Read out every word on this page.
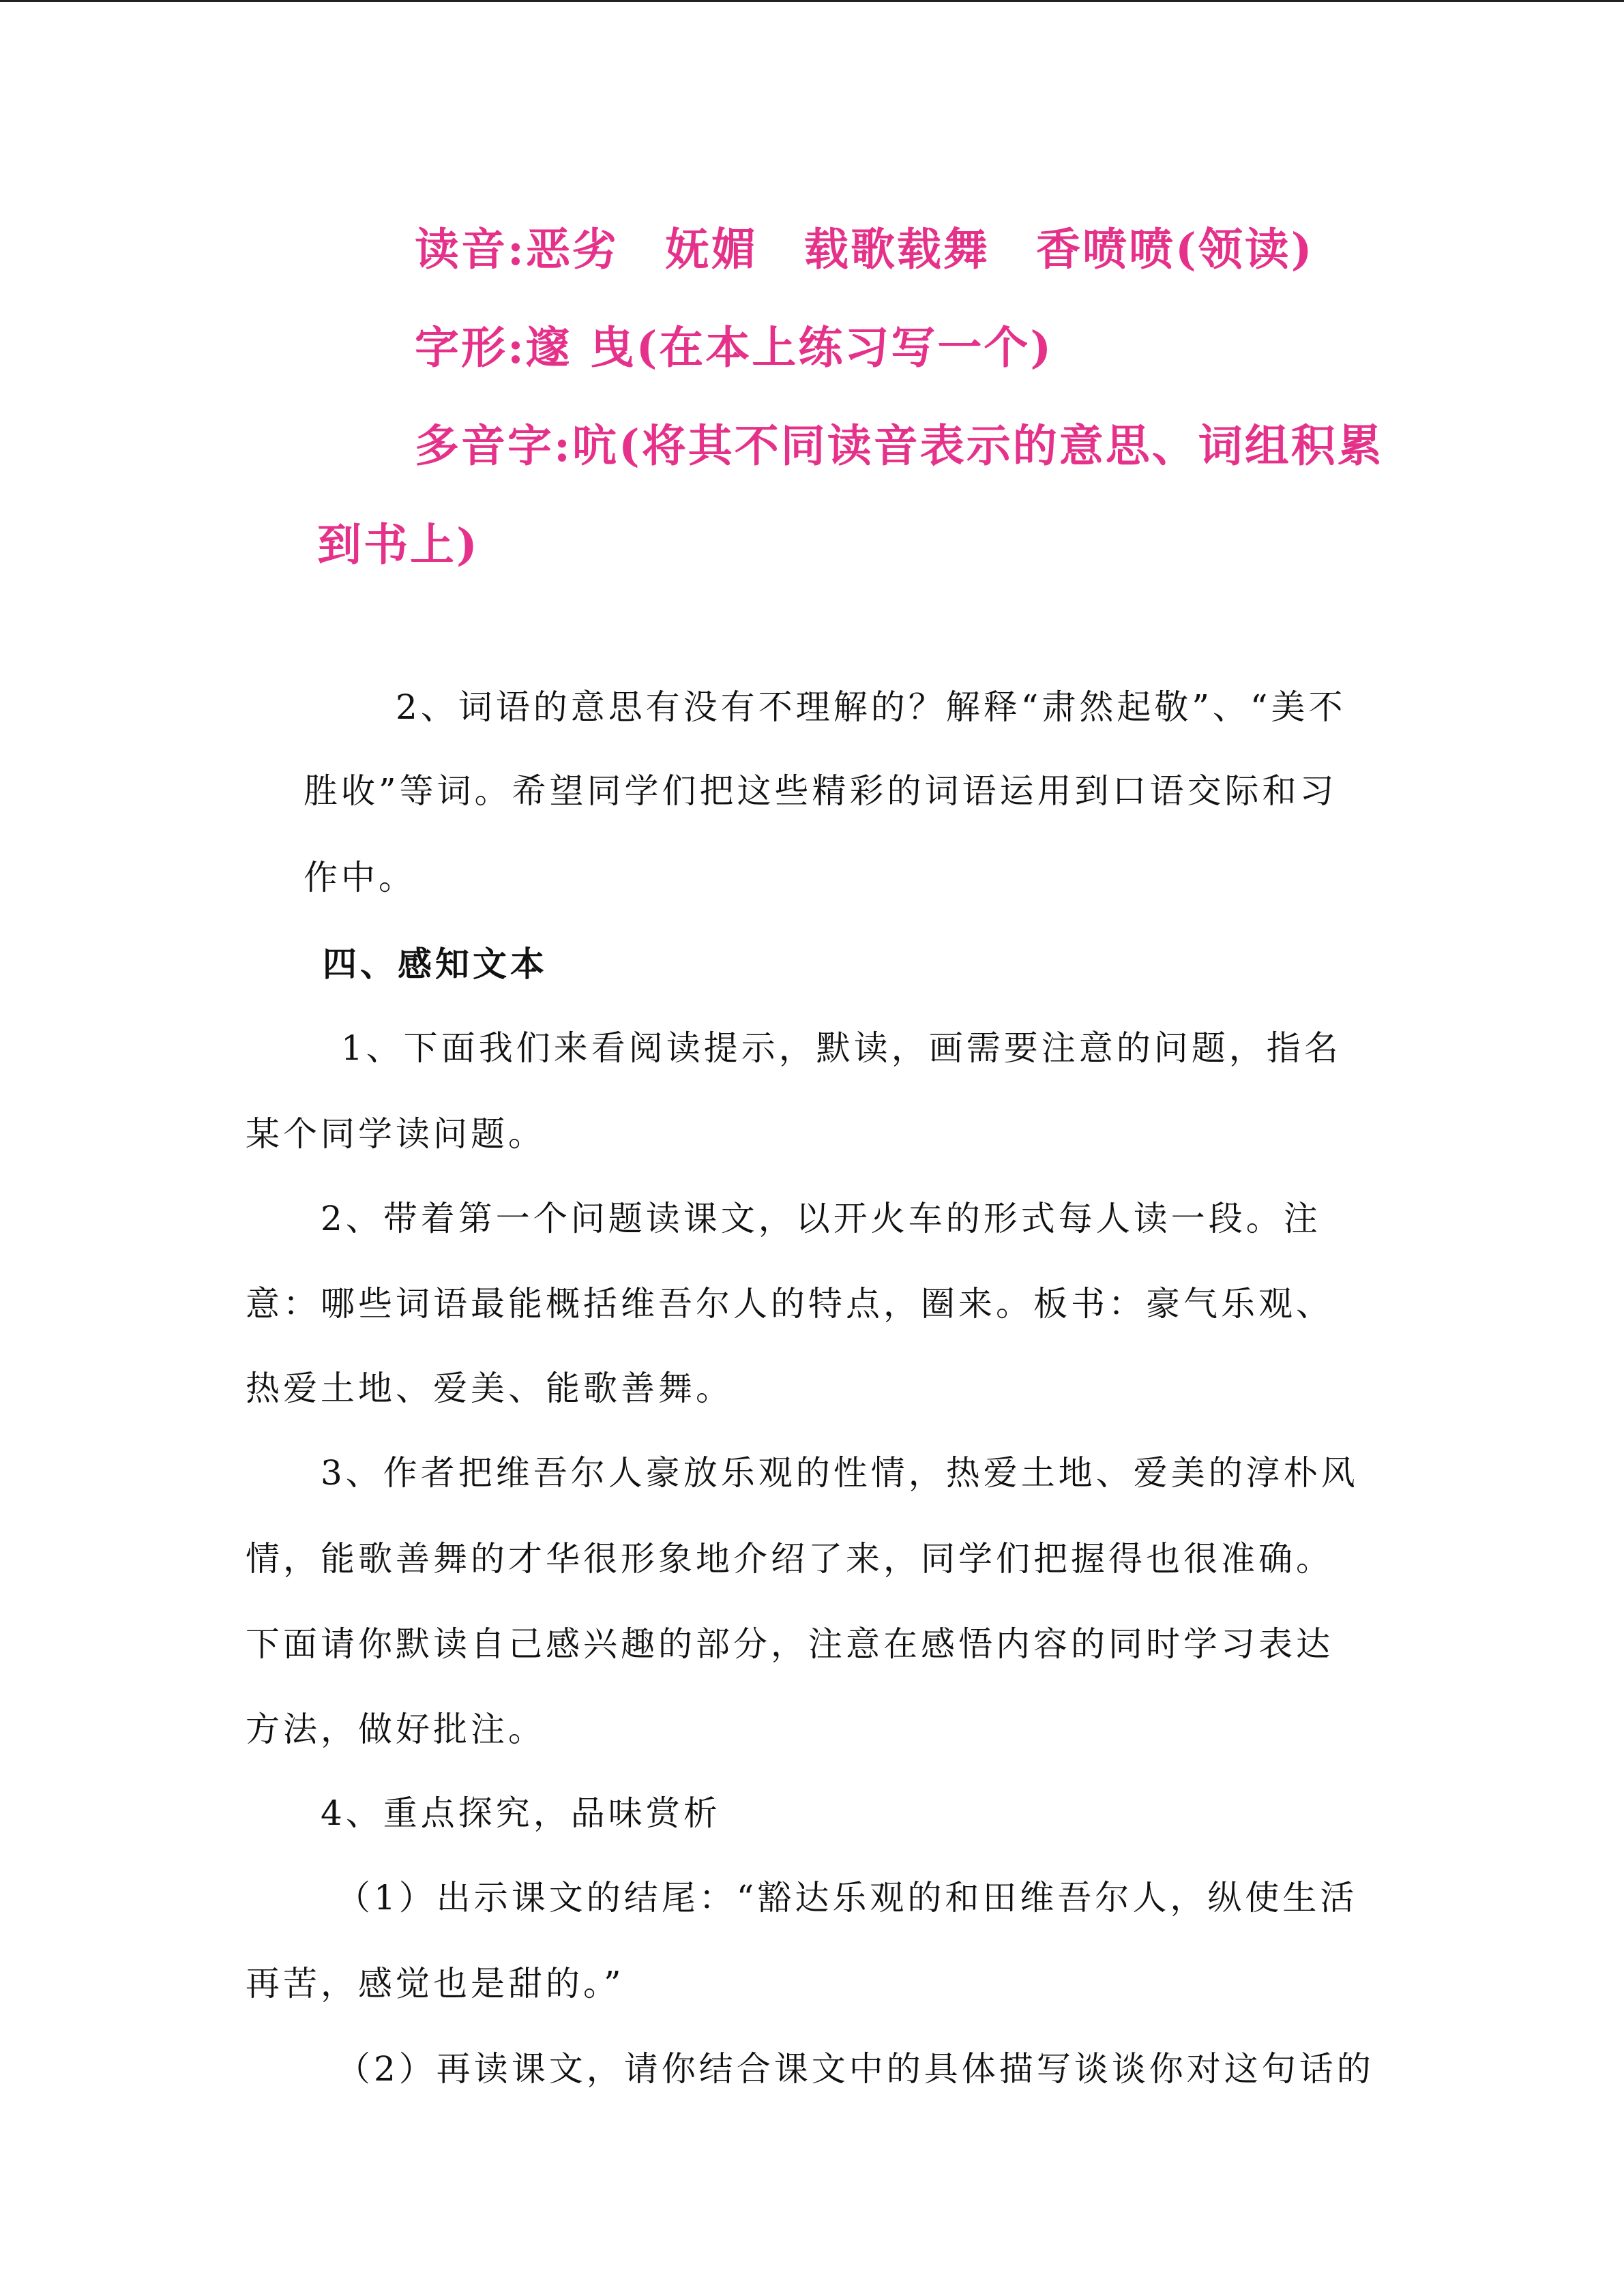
读音:恶劣　妩媚　载歌载舞　香喷喷(领读)

字形:邃 曳(在本上练习写一个)

多音字:吭(将其不同读音表示的意思、词组积累

到书上)

2、词语的意思有没有不理解的？解释“肃然起敬”、“美不

胜收”等词。希望同学们把这些精彩的词语运用到口语交际和习

作中。

四、感知文本

1、下面我们来看阅读提示，默读，画需要注意的问题，指名

某个同学读问题。

2、带着第一个问题读课文，以开火车的形式每人读一段。注

意：哪些词语最能概括维吾尔人的特点，圈来。板书：豪气乐观、

热爱土地、爱美、能歌善舞。

3、作者把维吾尔人豪放乐观的性情，热爱土地、爱美的淳朴风

情，能歌善舞的才华很形象地介绍了来，同学们把握得也很准确。

下面请你默读自己感兴趣的部分，注意在感悟内容的同时学习表达

方法，做好批注。

4、重点探究，品味赏析

（1）出示课文的结尾：“豁达乐观的和田维吾尔人，纵使生活

再苦，感觉也是甜的。”

（2）再读课文，请你结合课文中的具体描写谈谈你对这句话的
